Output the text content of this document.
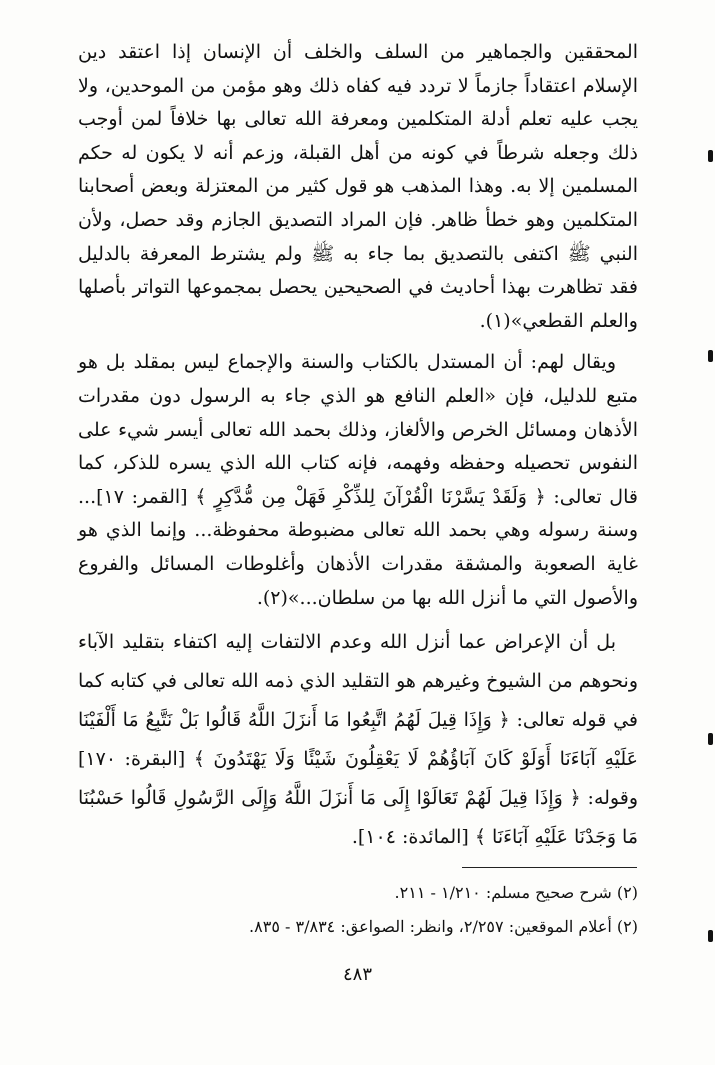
المحققين والجماهير من السلف والخلف أن الإنسان إذا اعتقد دين الإسلام اعتقاداً جازماً لا تردد فيه كفاه ذلك وهو مؤمن من الموحدين، ولا يجب عليه تعلم أدلة المتكلمين ومعرفة الله تعالى بها خلافاً لمن أوجب ذلك وجعله شرطاً في كونه من أهل القبلة، وزعم أنه لا يكون له حكم المسلمين إلا به. وهذا المذهب هو قول كثير من المعتزلة وبعض أصحابنا المتكلمين وهو خطأ ظاهر. فإن المراد التصديق الجازم وقد حصل، ولأن النبي ﷺ اكتفى بالتصديق بما جاء به ﷺ ولم يشترط المعرفة بالدليل فقد تظاهرت بهذا أحاديث في الصحيحين يحصل بمجموعها التواتر بأصلها والعلم القطعي»(١).

ويقال لهم: أن المستدل بالكتاب والسنة والإجماع ليس بمقلد بل هو متبع للدليل، فإن «العلم النافع هو الذي جاء به الرسول دون مقدرات الأذهان ومسائل الخرص والألغاز، وذلك بحمد الله تعالى أيسر شيء على النفوس تحصيله وحفظه وفهمه، فإنه كتاب الله الذي يسره للذكر، كما قال تعالى: ﴿ وَلَقَدْ يَسَّرْنَا الْقُرْآنَ لِلذِّكْرِ فَهَلْ مِن مُّدَّكِرٍ ﴾ [القمر: ١٧]... وسنة رسوله وهي بحمد الله تعالى مضبوطة محفوظة... وإنما الذي هو غاية الصعوبة والمشقة مقدرات الأذهان وأغلوطات المسائل والفروع والأصول التي ما أنزل الله بها من سلطان...»(٢).

بل أن الإعراض عما أنزل الله وعدم الالتفات إليه اكتفاء بتقليد الآباء ونحوهم من الشيوخ وغيرهم هو التقليد الذي ذمه الله تعالى في كتابه كما في قوله تعالى: ﴿ وَإِذَا قِيلَ لَهُمُ اتَّبِعُوا مَا أَنزَلَ اللَّهُ قَالُوا بَلْ نَتَّبِعُ مَا أَلْفَيْنَا عَلَيْهِ آبَاءَنَا أَوَلَوْ كَانَ آبَاؤُهُمْ لَا يَعْقِلُونَ شَيْئًا وَلَا يَهْتَدُونَ ﴾ [البقرة: ١٧٠] وقوله: ﴿ وَإِذَا قِيلَ لَهُمْ تَعَالَوْا إِلَى مَا أَنزَلَ اللَّهُ وَإِلَى الرَّسُولِ قَالُوا حَسْبُنَا مَا وَجَدْنَا عَلَيْهِ آبَاءَنَا ﴾ [المائدة: ١٠٤].

(٢) شرح صحيح مسلم: ١/٢١٠ - ٢١١.

(٢) أعلام الموقعين: ٢/٢٥٧، وانظر: الصواعق: ٣/٨٣٤ - ٨٣٥.

٤٨٣
